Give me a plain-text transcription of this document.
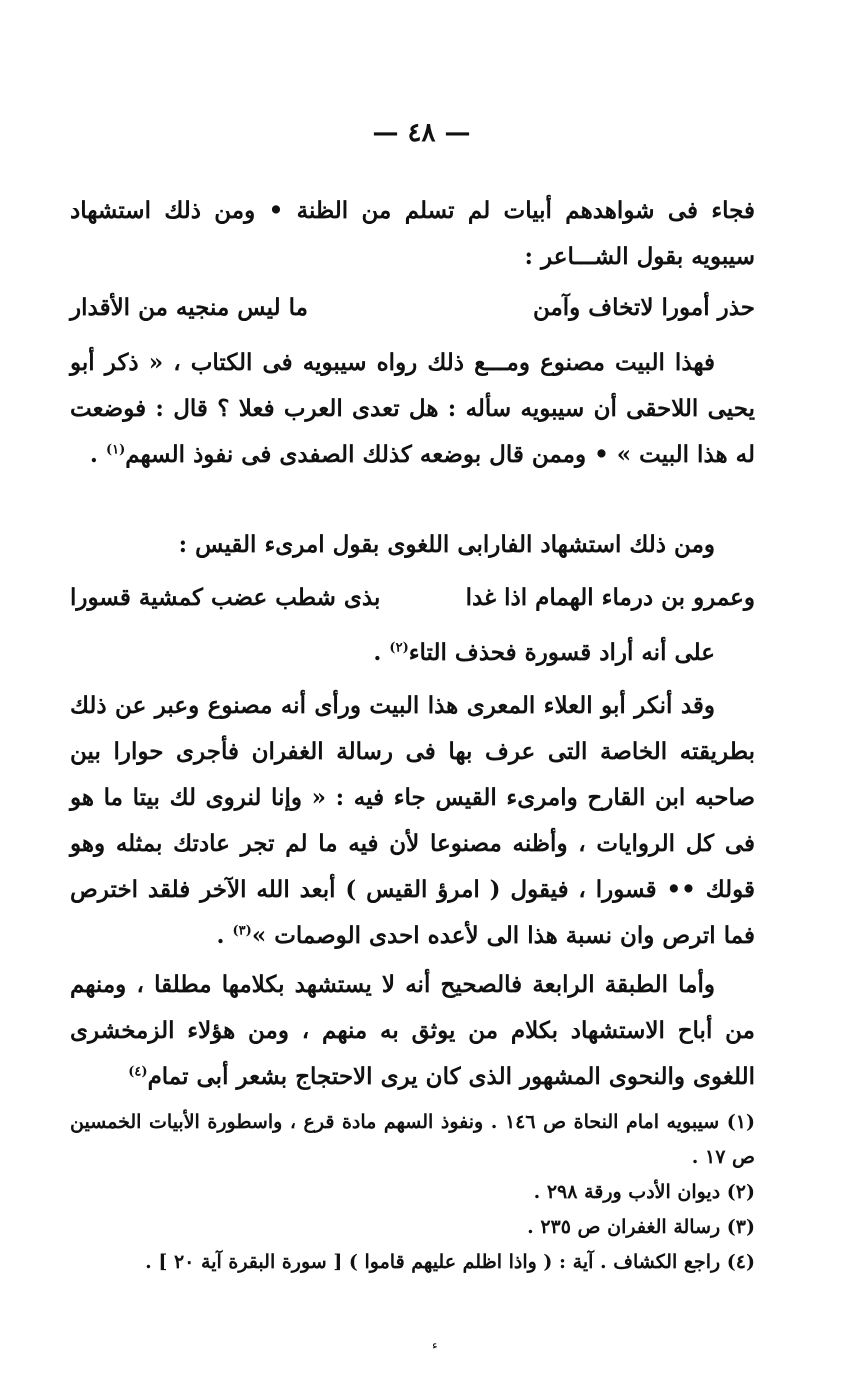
— ٤٨ —
فجاء فى شواهدهم أبيات لم تسلم من الظنة • ومن ذلك استشهاد سيبويه بقول الشـــاعر :
حذر أمورا لاتخاف وآمن
ما ليس منجيه من الأقدار
فهذا البيت مصنوع ومـــع ذلك رواه سيبويه فى الكتاب ، « ذكر أبو يحيى اللاحقى أن سيبويه سأله : هل تعدى العرب فعلا ؟ قال : فوضعت له هذا البيت » • وممن قال بوضعه كذلك الصفدى فى نفوذ السهم$^{(١)}$ .
ومن ذلك استشهاد الفارابى اللغوى بقول امرىء القيس :
وعمرو بن درماء الهمام اذا غدا
بذى شطب عضب كمشية قسورا
على أنه أراد قسورة فحذف التاء$^{(٢)}$ .
وقد أنكر أبو العلاء المعرى هذا البيت ورأى أنه مصنوع وعبر عن ذلك بطريقته الخاصة التى عرف بها فى رسالة الغفران فأجرى حوارا بين صاحبه ابن القارح وامرىء القيس جاء فيه : « وإنا لنروى لك بيتا ما هو فى كل الروايات ، وأظنه مصنوعا لأن فيه ما لم تجر عادتك بمثله وهو قولك •• قسورا ، فيقول ( امرؤ القيس ) أبعد الله الآخر فلقد اخترص فما اترص وان نسبة هذا الى لأعده احدى الوصمات »$^{(٣)}$ .
وأما الطبقة الرابعة فالصحيح أنه لا يستشهد بكلامها مطلقا ، ومنهم من أباح الاستشهاد بكلام من يوثق به منهم ، ومن هؤلاء الزمخشرى اللغوى والنحوى المشهور الذى كان يرى الاحتجاج بشعر أبى تمام$^{(٤)}$
(١) سيبويه امام النحاة ص ١٤٦ . ونفوذ السهم مادة قرع ، واسطورة الأبيات الخمسين ص ١٧ .
(٢) ديوان الأدب ورقة ٢٩٨ .
(٣) رسالة الغفران ص ٢٣٥ .
(٤) راجع الكشاف . آية : ( واذا اظلم عليهم قاموا ) [ سورة البقرة آية ٢٠ ] .
ء
